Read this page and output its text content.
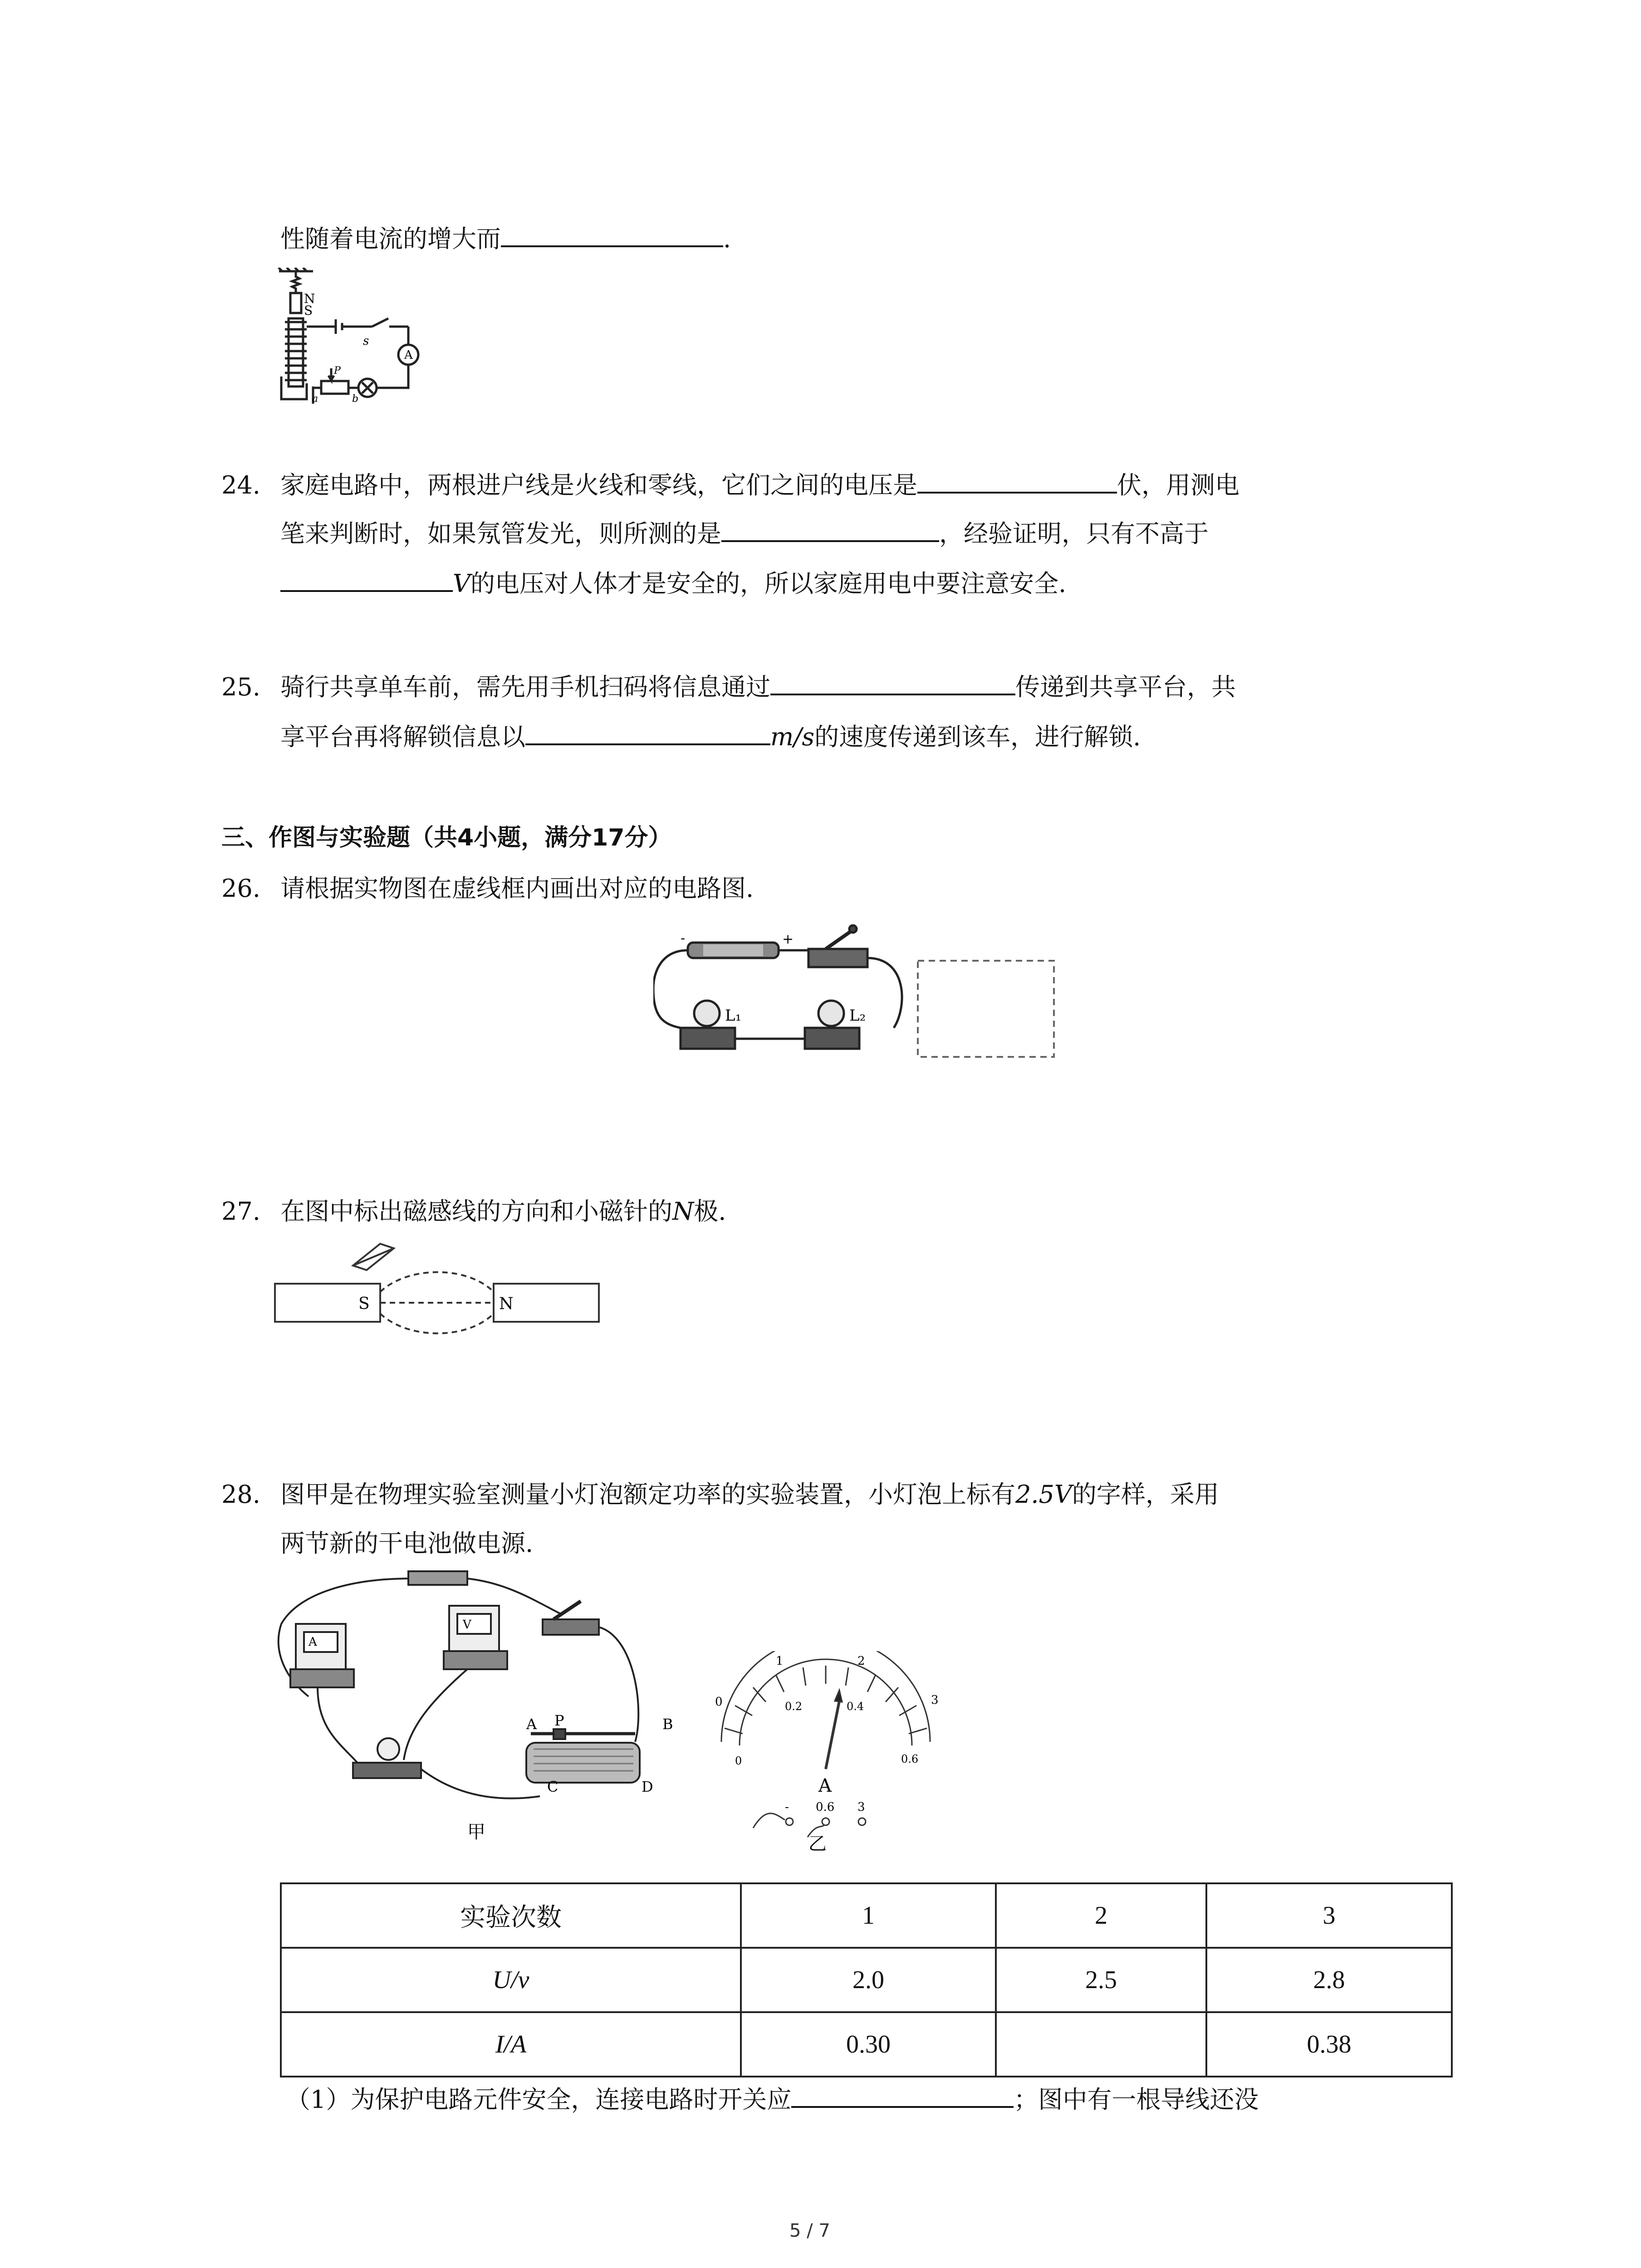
性随着电流的增大而	.
N
S
s
A
P
a	b
24. 家庭电路中，两根进户线是火线和零线，它们之间的电压是	伏，用测电
笔来判断时，如果氖管发光，则所测的是	，经验证明，只有不高于
V的电压对人体才是安全的，所以家庭用电中要注意安全.
25. 骑行共享单车前，需先用手机扫码将信息通过	传递到共享平台，共
享平台再将解锁信息以	m/s的速度传递到该车，进行解锁.
三、作图与实验题（共4小题，满分17分）
26. 请根据实物图在虚线框内画出对应的电路图.
-	+
L₁	L₂
27. 在图中标出磁感线的方向和小磁针的N极.
S	N
28. 图甲是在物理实验室测量小灯泡额定功率的实验装置，小灯泡上标有2.5V的字样，采用
两节新的干电池做电源.
A
V
A P	B
C	D
甲
0
1	2
3
0
0.2	0.4
0.6
A
- 0.6 3
乙
实验次数	1	2	3
U/v	2.0	2.5	2.8
I/A	0.30		0.38
（1）为保护电路元件安全，连接电路时开关应	；图中有一根导线还没
5 / 7
